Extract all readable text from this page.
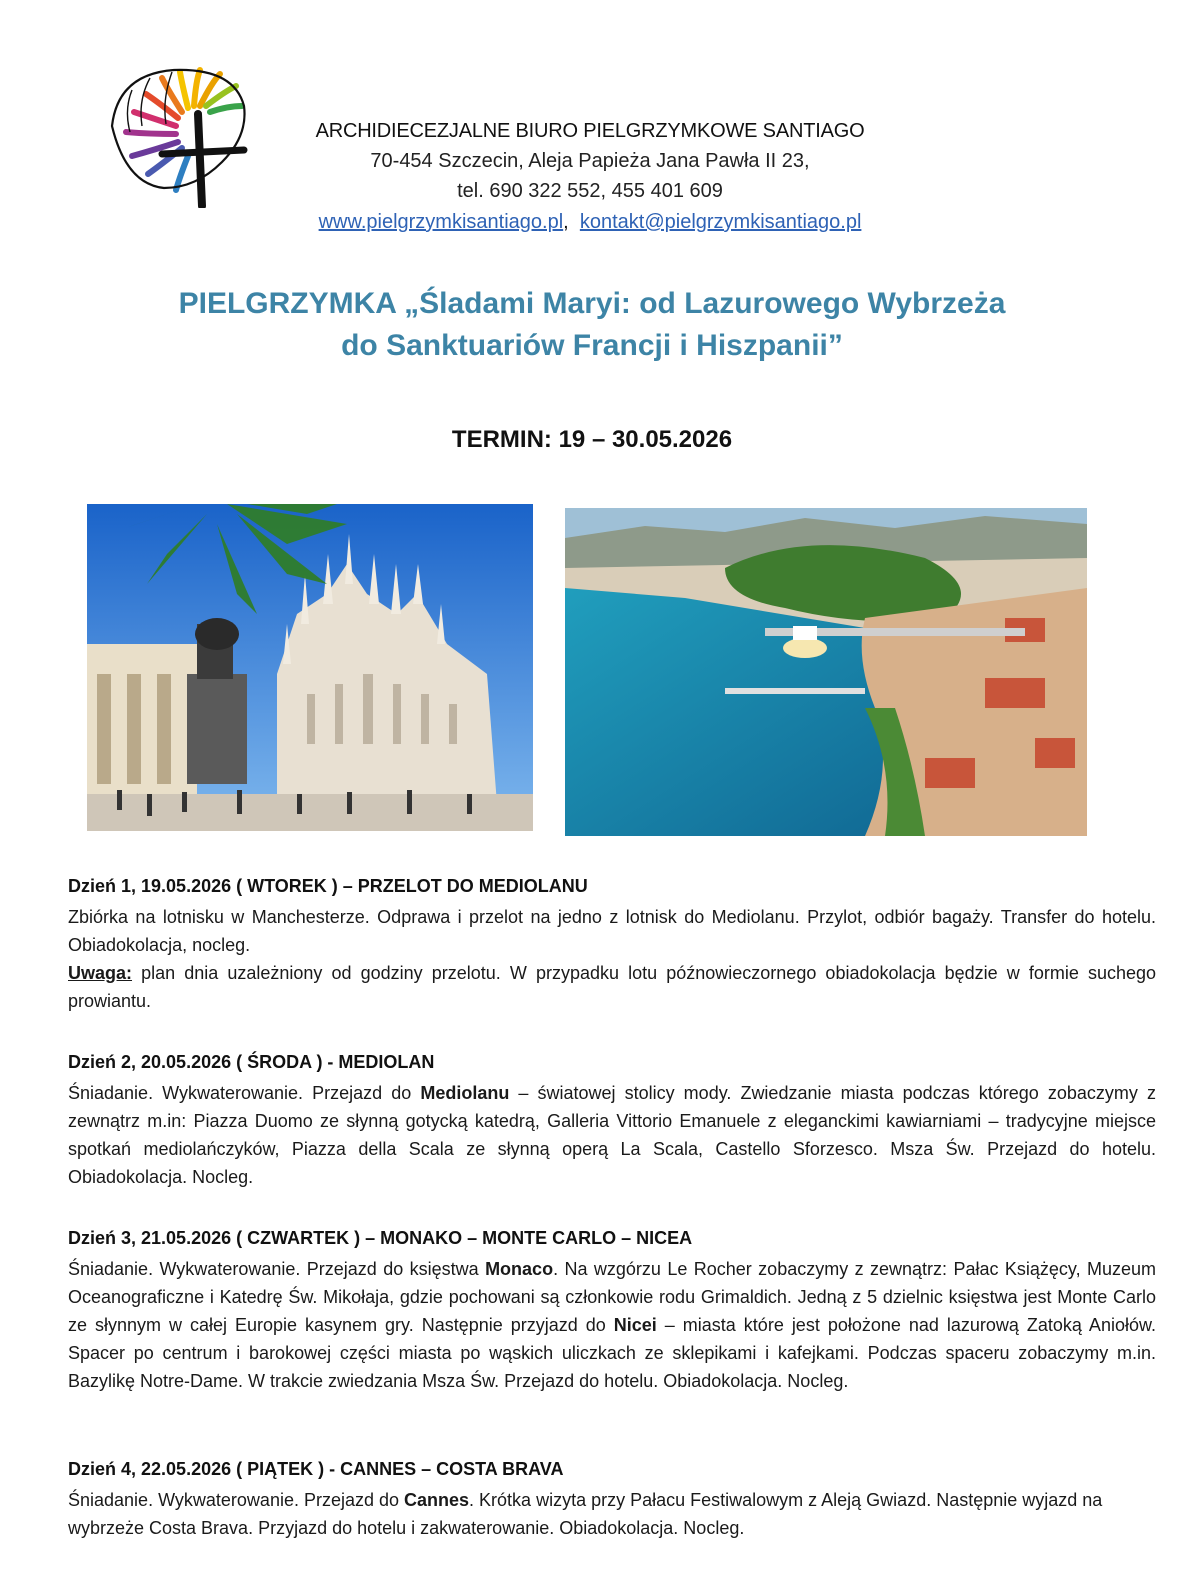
ARCHIDIECEZJALNE BIURO PIELGRZYMKOWE SANTIAGO
70-454 Szczecin, Aleja Papieża Jana Pawła II 23,
tel. 690 322 552, 455 401 609
www.pielgrzymkisantiago.pl, kontakt@pielgrzymkisantiago.pl
PIELGRZYMKA „Śladami Maryi: od Lazurowego Wybrzeża
do Sanktuariów Francji i Hiszpanii”
TERMIN: 19 – 30.05.2026
Dzień 1, 19.05.2026 ( WTOREK ) – PRZELOT DO MEDIOLANU

Zbiórka na lotnisku w Manchesterze. Odprawa i przelot na jedno z lotnisk do Mediolanu. Przylot, odbiór bagaży. Transfer do hotelu. Obiadokolacja, nocleg.

Uwaga: plan dnia uzależniony od godziny przelotu. W przypadku lotu późnowieczornego obiadokolacja będzie w formie suchego prowiantu.

Dzień 2, 20.05.2026 ( ŚRODA ) - MEDIOLAN

Śniadanie. Wykwaterowanie. Przejazd do Mediolanu – światowej stolicy mody. Zwiedzanie miasta podczas którego zobaczymy z zewnątrz m.in: Piazza Duomo ze słynną gotycką katedrą, Galleria Vittorio Emanuele z eleganckimi kawiarniami – tradycyjne miejsce spotkań mediolańczyków, Piazza della Scala ze słynną operą La Scala, Castello Sforzesco. Msza Św. Przejazd do hotelu. Obiadokolacja. Nocleg.

Dzień 3, 21.05.2026 ( CZWARTEK ) – MONAKO – MONTE CARLO – NICEA

Śniadanie. Wykwaterowanie. Przejazd do księstwa Monaco. Na wzgórzu Le Rocher zobaczymy z zewnątrz: Pałac Książęcy, Muzeum Oceanograficzne i Katedrę Św. Mikołaja, gdzie pochowani są członkowie rodu Grimaldich. Jedną z 5 dzielnic księstwa jest Monte Carlo ze słynnym w całej Europie kasynem gry. Następnie przyjazd do Nicei – miasta które jest położone nad lazurową Zatoką Aniołów. Spacer po centrum i barokowej części miasta po wąskich uliczkach ze sklepikami i kafejkami. Podczas spaceru zobaczymy m.in. Bazylikę Notre-Dame. W trakcie zwiedzania Msza Św. Przejazd do hotelu. Obiadokolacja. Nocleg.

Dzień 4, 22.05.2026 ( PIĄTEK ) - CANNES – COSTA BRAVA

Śniadanie. Wykwaterowanie. Przejazd do Cannes. Krótka wizyta przy Pałacu Festiwalowym z Aleją Gwiazd. Następnie wyjazd na wybrzeże Costa Brava. Przyjazd do hotelu i zakwaterowanie. Obiadokolacja. Nocleg.
